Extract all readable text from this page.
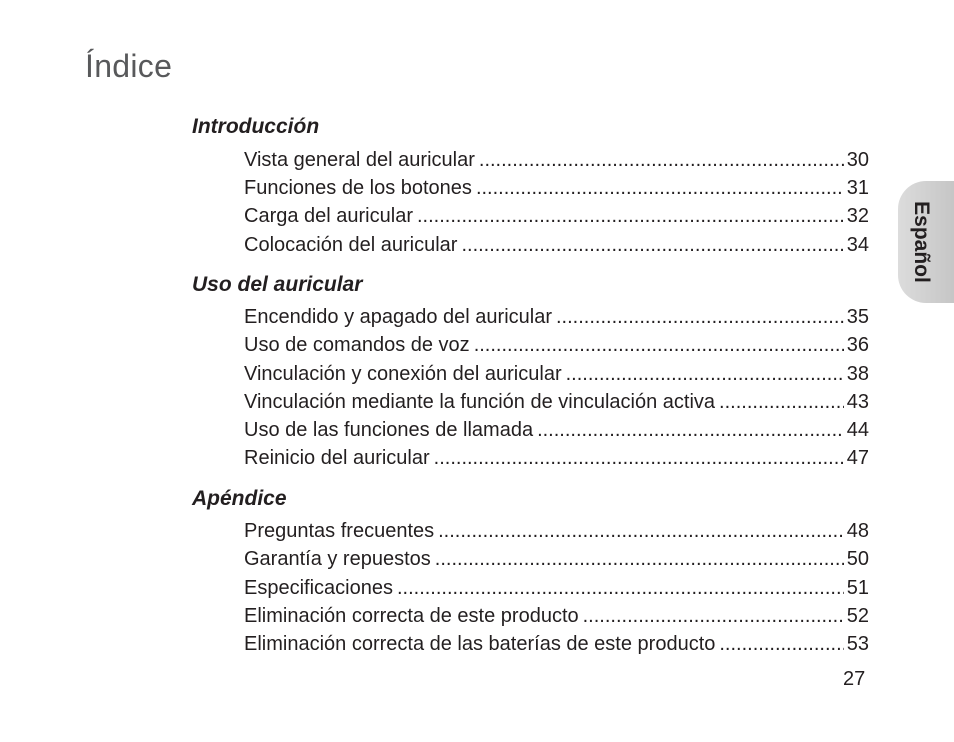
Índice
Introducción
Vista general del auricular .....	30
Funciones de los botones .....	31
Carga del auricular .....	32
Colocación del auricular .....	34
Uso del auricular
Encendido y apagado del auricular .....	35
Uso de comandos de voz .....	36
Vinculación y conexión del auricular .....	38
Vinculación mediante la función de vinculación activa .....	43
Uso de las funciones de llamada .....	44
Reinicio del auricular .....	47
Apéndice
Preguntas frecuentes .....	48
Garantía y repuestos .....	50
Especificaciones .....	51
Eliminación correcta de este producto .....	52
Eliminación correcta de las baterías de este producto .....	53
Español
27
